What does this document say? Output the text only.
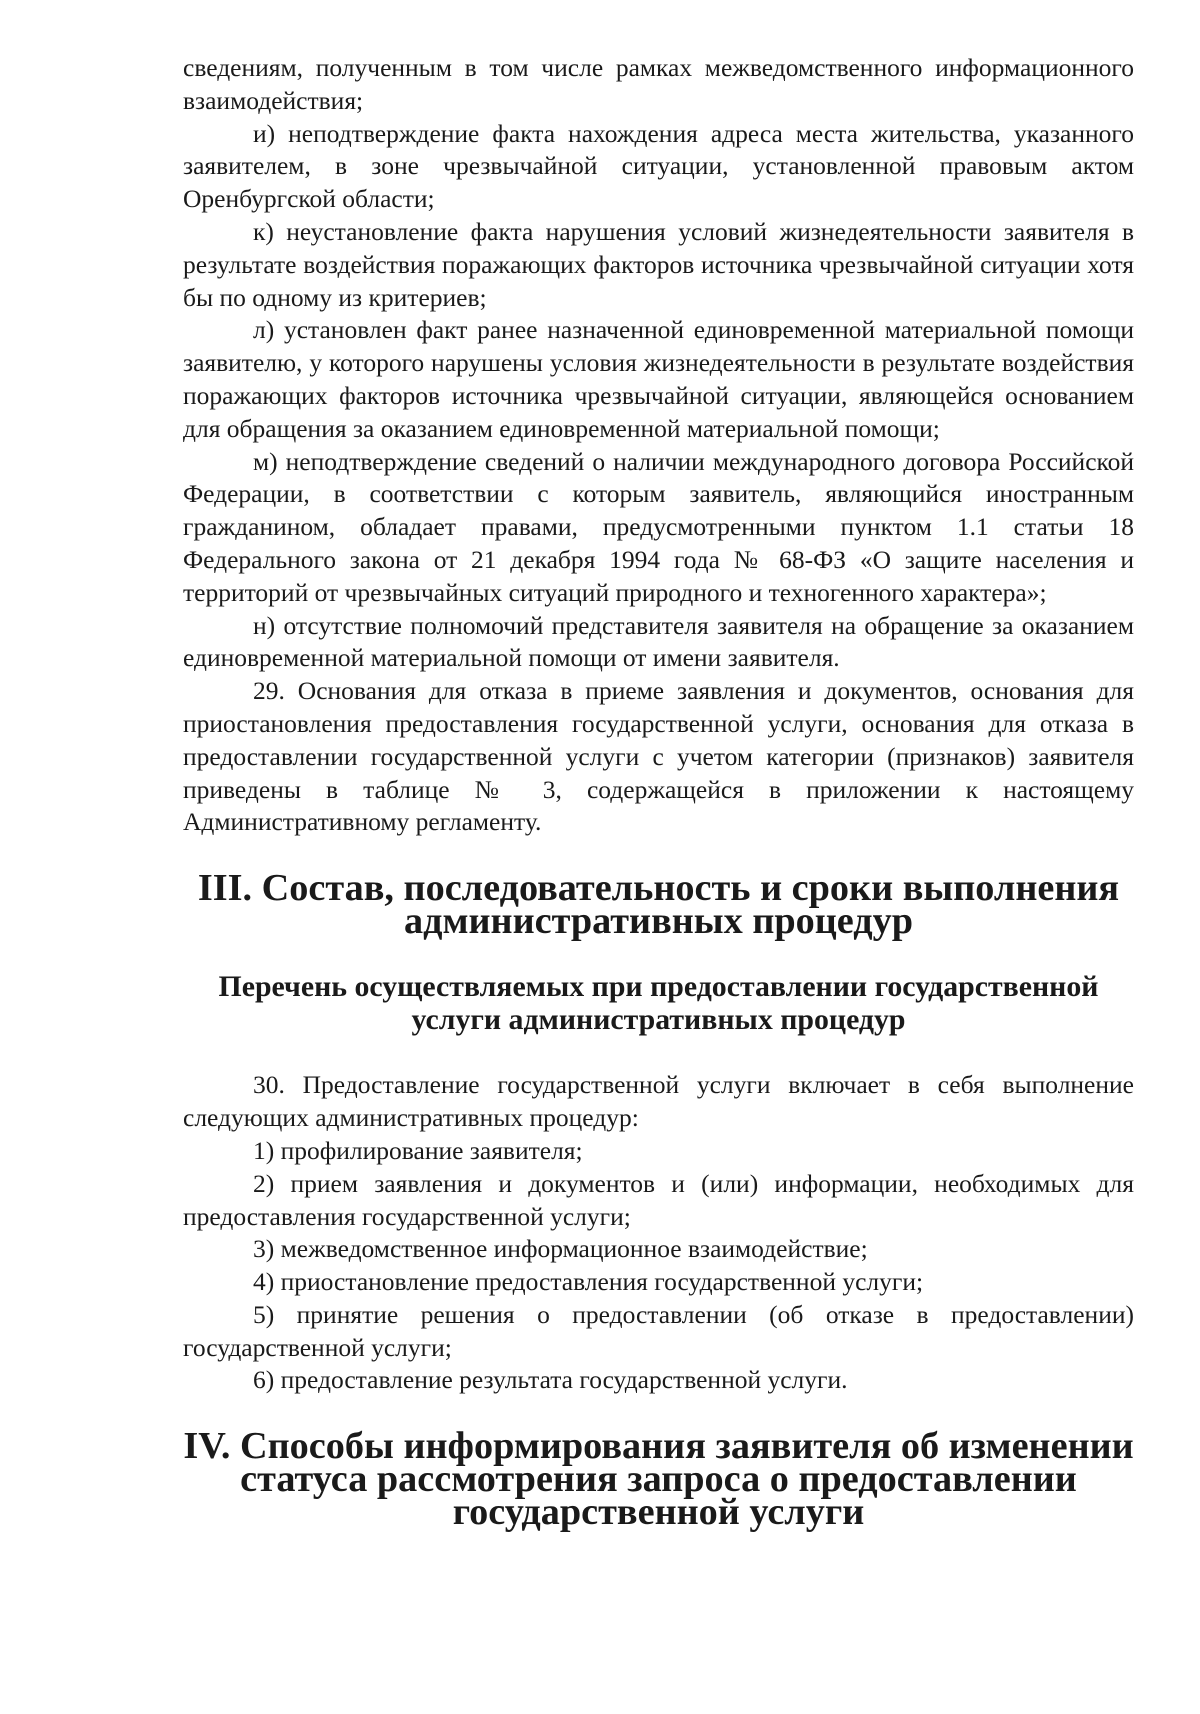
сведениям, полученным в том числе рамках межведомственного информационного взаимодействия;

и) неподтверждение факта нахождения адреса места жительства, указанного заявителем, в зоне чрезвычайной ситуации, установленной правовым актом Оренбургской области;

к) неустановление факта нарушения условий жизнедеятельности заявителя в результате воздействия поражающих факторов источника чрезвычайной ситуации хотя бы по одному из критериев;

л) установлен факт ранее назначенной единовременной материальной помощи заявителю, у которого нарушены условия жизнедеятельности в результате воздействия поражающих факторов источника чрезвычайной ситуации, являющейся основанием для обращения за оказанием единовременной материальной помощи;

м) неподтверждение сведений о наличии международного договора Российской Федерации, в соответствии с которым заявитель, являющийся иностранным гражданином, обладает правами, предусмотренными пунктом 1.1 статьи 18 Федерального закона от 21 декабря 1994 года № 68-ФЗ «О защите населения и территорий от чрезвычайных ситуаций природного и техногенного характера»;

н) отсутствие полномочий представителя заявителя на обращение за оказанием единовременной материальной помощи от имени заявителя.

29. Основания для отказа в приеме заявления и документов, основания для приостановления предоставления государственной услуги, основания для отказа в предоставлении государственной услуги с учетом категории (признаков) заявителя приведены в таблице № 3, содержащейся в приложении к настоящему Административному регламенту.

III. Состав, последовательность и сроки выполнения административных процедур
Перечень осуществляемых при предоставлении государственной услуги административных процедур

30. Предоставление государственной услуги включает в себя выполнение следующих административных процедур:

1) профилирование заявителя;

2) прием заявления и документов и (или) информации, необходимых для предоставления государственной услуги;

3) межведомственное информационное взаимодействие;

4) приостановление предоставления государственной услуги;

5) принятие решения о предоставлении (об отказе в предоставлении) государственной услуги;

6) предоставление результата государственной услуги.

IV. Способы информирования заявителя об изменении статуса рассмотрения запроса о предоставлении государственной услуги
